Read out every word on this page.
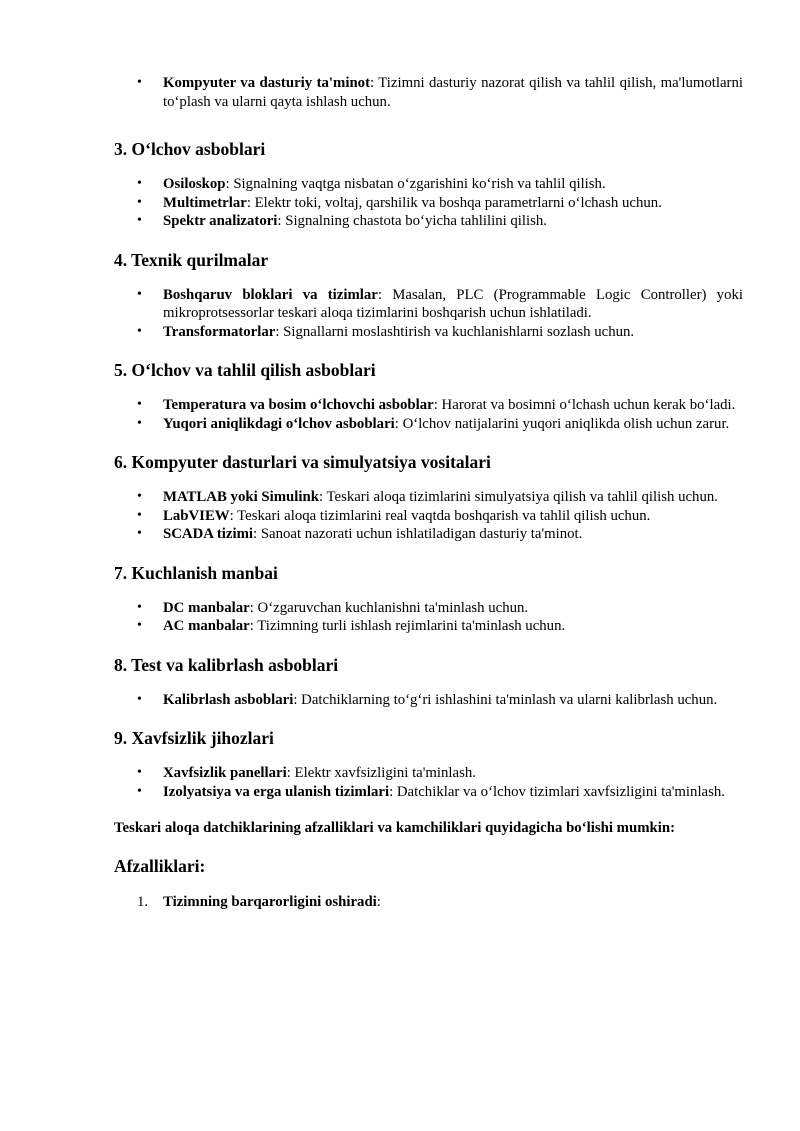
• Kompyuter va dasturiy ta'minot: Tizimni dasturiy nazorat qilish va tahlil qilish, ma'lumotlarni to‘plash va ularni qayta ishlash uchun.
3. O‘lchov asboblari
• Osiloskop: Signalning vaqtga nisbatan o‘zgarishini ko‘rish va tahlil qilish.
• Multimetrlar: Elektr toki, voltaj, qarshilik va boshqa parametrlarni o‘lchash uchun.
• Spektr analizatori: Signalning chastota bo‘yicha tahlilini qilish.
4. Texnik qurilmalar
• Boshqaruv bloklari va tizimlar: Masalan, PLC (Programmable Logic Controller) yoki mikroprotsessorlar teskari aloqa tizimlarini boshqarish uchun ishlatiladi.
• Transformatorlar: Signallarni moslashtirish va kuchlanishlarni sozlash uchun.
5. O‘lchov va tahlil qilish asboblari
• Temperatura va bosim o‘lchovchi asboblar: Harorat va bosimni o‘lchash uchun kerak bo‘ladi.
• Yuqori aniqlikdagi o‘lchov asboblari: O‘lchov natijalarini yuqori aniqlikda olish uchun zarur.
6. Kompyuter dasturlari va simulyatsiya vositalari
• MATLAB yoki Simulink: Teskari aloqa tizimlarini simulyatsiya qilish va tahlil qilish uchun.
• LabVIEW: Teskari aloqa tizimlarini real vaqtda boshqarish va tahlil qilish uchun.
• SCADA tizimi: Sanoat nazorati uchun ishlatiladigan dasturiy ta'minot.
7. Kuchlanish manbai
• DC manbalar: O‘zgaruvchan kuchlanishni ta'minlash uchun.
• AC manbalar: Tizimning turli ishlash rejimlarini ta'minlash uchun.
8. Test va kalibrlash asboblari
• Kalibrlash asboblari: Datchiklarning to‘g‘ri ishlashini ta'minlash va ularni kalibrlash uchun.
9. Xavfsizlik jihozlari
• Xavfsizlik panellari: Elektr xavfsizligini ta'minlash.
• Izolyatsiya va erga ulanish tizimlari: Datchiklar va o‘lchov tizimlari xavfsizligini ta'minlash.

Teskari aloqa datchiklarining afzalliklari va kamchiliklari quyidagicha bo‘lishi mumkin:

Afzalliklari:
1. Tizimning barqarorligini oshiradi:
